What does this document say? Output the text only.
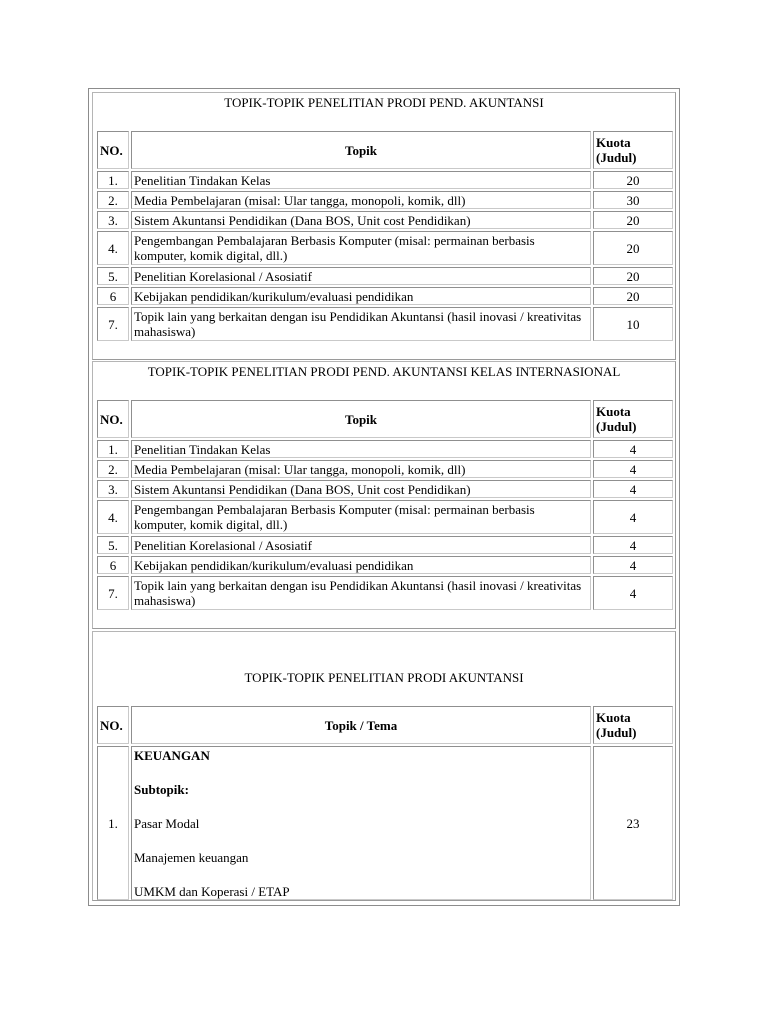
TOPIK-TOPIK PENELITIAN PRODI PEND. AKUNTANSI
NO.	Topik	Kuota (Judul)
1.	Penelitian Tindakan Kelas	20
2.	Media Pembelajaran (misal: Ular tangga, monopoli, komik, dll)	30
3.	Sistem Akuntansi Pendidikan (Dana BOS, Unit cost Pendidikan)	20
4.	Pengembangan Pembalajaran Berbasis Komputer (misal: permainan berbasis komputer, komik digital, dll.)	20
5.	Penelitian Korelasional / Asosiatif	20
6	Kebijakan pendidikan/kurikulum/evaluasi pendidikan	20
7.	Topik lain yang berkaitan dengan isu Pendidikan Akuntansi (hasil inovasi / kreativitas mahasiswa)	10
TOPIK-TOPIK PENELITIAN PRODI PEND. AKUNTANSI KELAS INTERNASIONAL
NO.	Topik	Kuota (Judul)
1.	Penelitian Tindakan Kelas	4
2.	Media Pembelajaran (misal: Ular tangga, monopoli, komik, dll)	4
3.	Sistem Akuntansi Pendidikan (Dana BOS, Unit cost Pendidikan)	4
4.	Pengembangan Pembalajaran Berbasis Komputer (misal: permainan berbasis komputer, komik digital, dll.)	4
5.	Penelitian Korelasional / Asosiatif	4
6	Kebijakan pendidikan/kurikulum/evaluasi pendidikan	4
7.	Topik lain yang berkaitan dengan isu Pendidikan Akuntansi (hasil inovasi / kreativitas mahasiswa)	4
TOPIK-TOPIK PENELITIAN PRODI AKUNTANSI
NO.	Topik / Tema	Kuota (Judul)
1.	KEUANGAN
Subtopik:
Pasar Modal
Manajemen keuangan
UMKM dan Koperasi / ETAP	23
